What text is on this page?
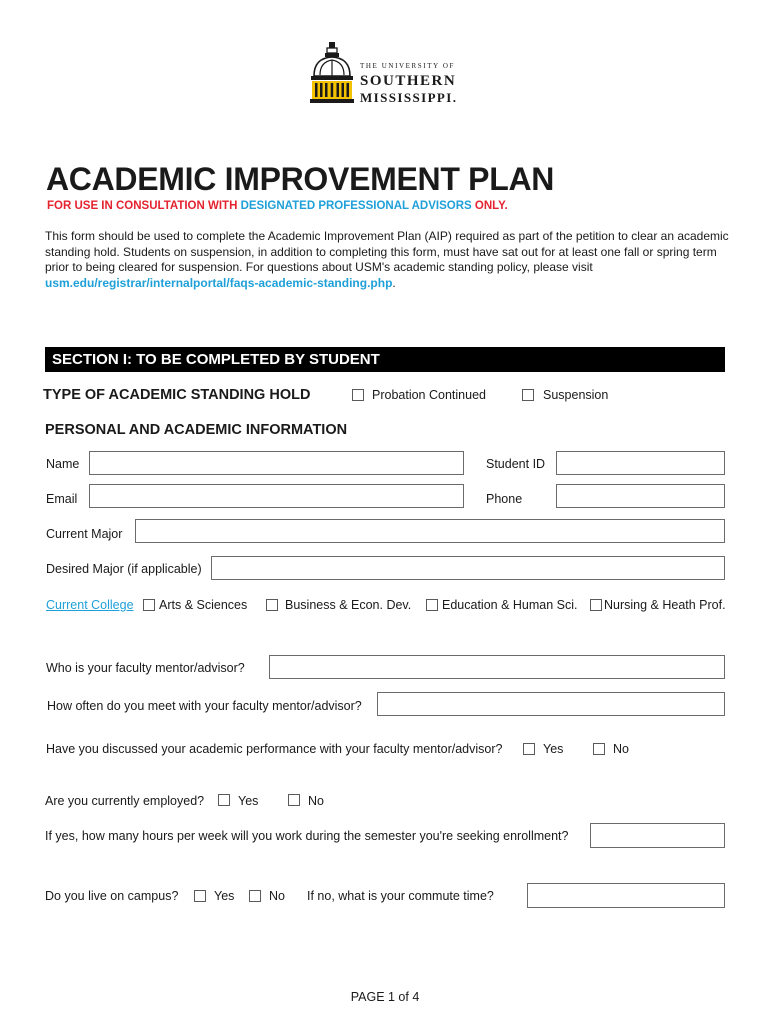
THE UNIVERSITY OF
SOUTHERN
MISSISSIPPI.
ACADEMIC IMPROVEMENT PLAN
FOR USE IN CONSULTATION WITH DESIGNATED PROFESSIONAL ADVISORS ONLY.
This form should be used to complete the Academic Improvement Plan (AIP) required as part of the petition to clear an academic standing hold. Students on suspension, in addition to completing this form, must have sat out for at least one fall or spring term prior to being cleared for suspension. For questions about USM's academic standing policy, please visit usm.edu/registrar/internalportal/faqs-academic-standing.php.
SECTION I: TO BE COMPLETED BY STUDENT
TYPE OF ACADEMIC STANDING HOLD	Probation Continued	Suspension
PERSONAL AND ACADEMIC INFORMATION
Name	Student ID
Email	Phone
Current Major
Desired Major (if applicable)
Current College Arts & Sciences	Business & Econ. Dev. Education & Human Sci. Nursing & Heath Prof.
Who is your faculty mentor/advisor?
How often do you meet with your faculty mentor/advisor?
Have you discussed your academic performance with your faculty mentor/advisor?	Yes	No
Are you currently employed?	Yes	No
If yes, how many hours per week will you work during the semester you're seeking enrollment?
Do you live on campus?	Yes	No If no, what is your commute time?
PAGE 1 of 4
